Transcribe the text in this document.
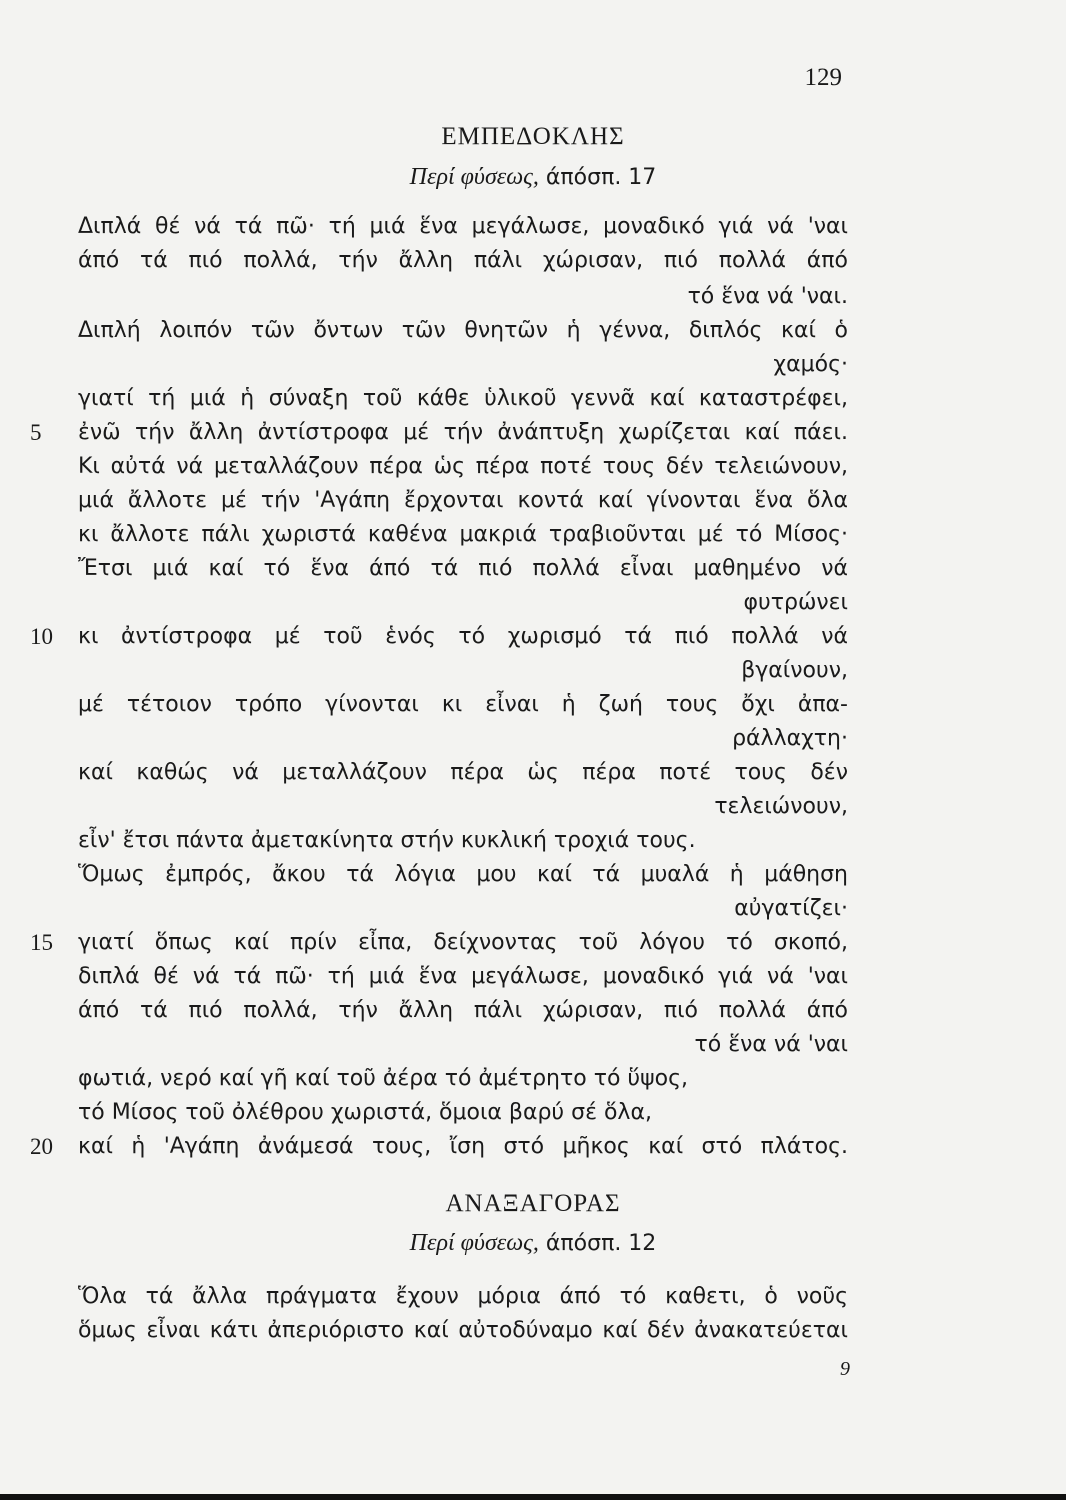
129
ΕΜΠΕΔΟΚΛΗΣ
Περί φύσεως, άπόσπ. 17
Διπλά θέ νά τά πῶ· τή μιά ἕνα μεγάλωσε, μοναδικό γιά νά 'ναι
άπό τά πιό πολλά, τήν ἄλλη πάλι χώρισαν, πιό πολλά άπό
τό ἕνα νά 'ναι.
Διπλή λοιπόν τῶν ὄντων τῶν θνητῶν ἡ γέννα, διπλός καί ὁ
χαμός·
γιατί τή μιά ἡ σύναξη τοῦ κάθε ὑλικοῦ γεννᾶ καί καταστρέφει,
ἐνῶ τήν ἄλλη ἀντίστροφα μέ τήν ἀνάπτυξη χωρίζεται καί πάει.
Κι αὐτά νά μεταλλάζουν πέρα ὡς πέρα ποτέ τους δέν τελειώνουν,
μιά ἄλλοτε μέ τήν 'Αγάπη ἔρχονται κοντά καί γίνονται ἕνα ὅλα
κι ἄλλοτε πάλι χωριστά καθένα μακριά τραβιοῦνται μέ τό Μίσος·
Ἔτσι μιά καί τό ἕνα άπό τά πιό πολλά εἶναι μαθημένο νά
φυτρώνει
κι ἀντίστροφα μέ τοῦ ἑνός τό χωρισμό τά πιό πολλά νά
βγαίνουν,
μέ τέτοιον τρόπο γίνονται κι εἶναι ἡ ζωή τους ὄχι ἀπα-
ράλλαχτη·
καί καθώς νά μεταλλάζουν πέρα ὡς πέρα ποτέ τους δέν
τελειώνουν,
εἶν' ἔτσι πάντα ἀμετακίνητα στήν κυκλική τροχιά τους.
Ὅμως ἐμπρός, ἄκου τά λόγια μου καί τά μυαλά ἡ μάθηση
αὐγατίζει·
γιατί ὅπως καί πρίν εἶπα, δείχνοντας τοῦ λόγου τό σκοπό,
διπλά θέ νά τά πῶ· τή μιά ἕνα μεγάλωσε, μοναδικό γιά νά 'ναι
άπό τά πιό πολλά, τήν ἄλλη πάλι χώρισαν, πιό πολλά άπό
τό ἕνα νά 'ναι
φωτιά, νερό καί γῆ καί τοῦ ἀέρα τό ἀμέτρητο τό ὕψος,
τό Μίσος τοῦ ὀλέθρου χωριστά, ὅμοια βαρύ σέ ὅλα,
καί ἡ 'Αγάπη ἀνάμεσά τους, ἴση στό μῆκος καί στό πλάτος.
5
10
15
20
ΑΝΑΞΑΓΟΡΑΣ
Περί φύσεως, άπόσπ. 12
Ὅλα τά ἄλλα πράγματα ἔχουν μόρια άπό τό καθετι, ὁ νοῦς
ὅμως εἶναι κάτι ἀπεριόριστο καί αὐτοδύναμο καί δέν ἀνακατεύεται
9
